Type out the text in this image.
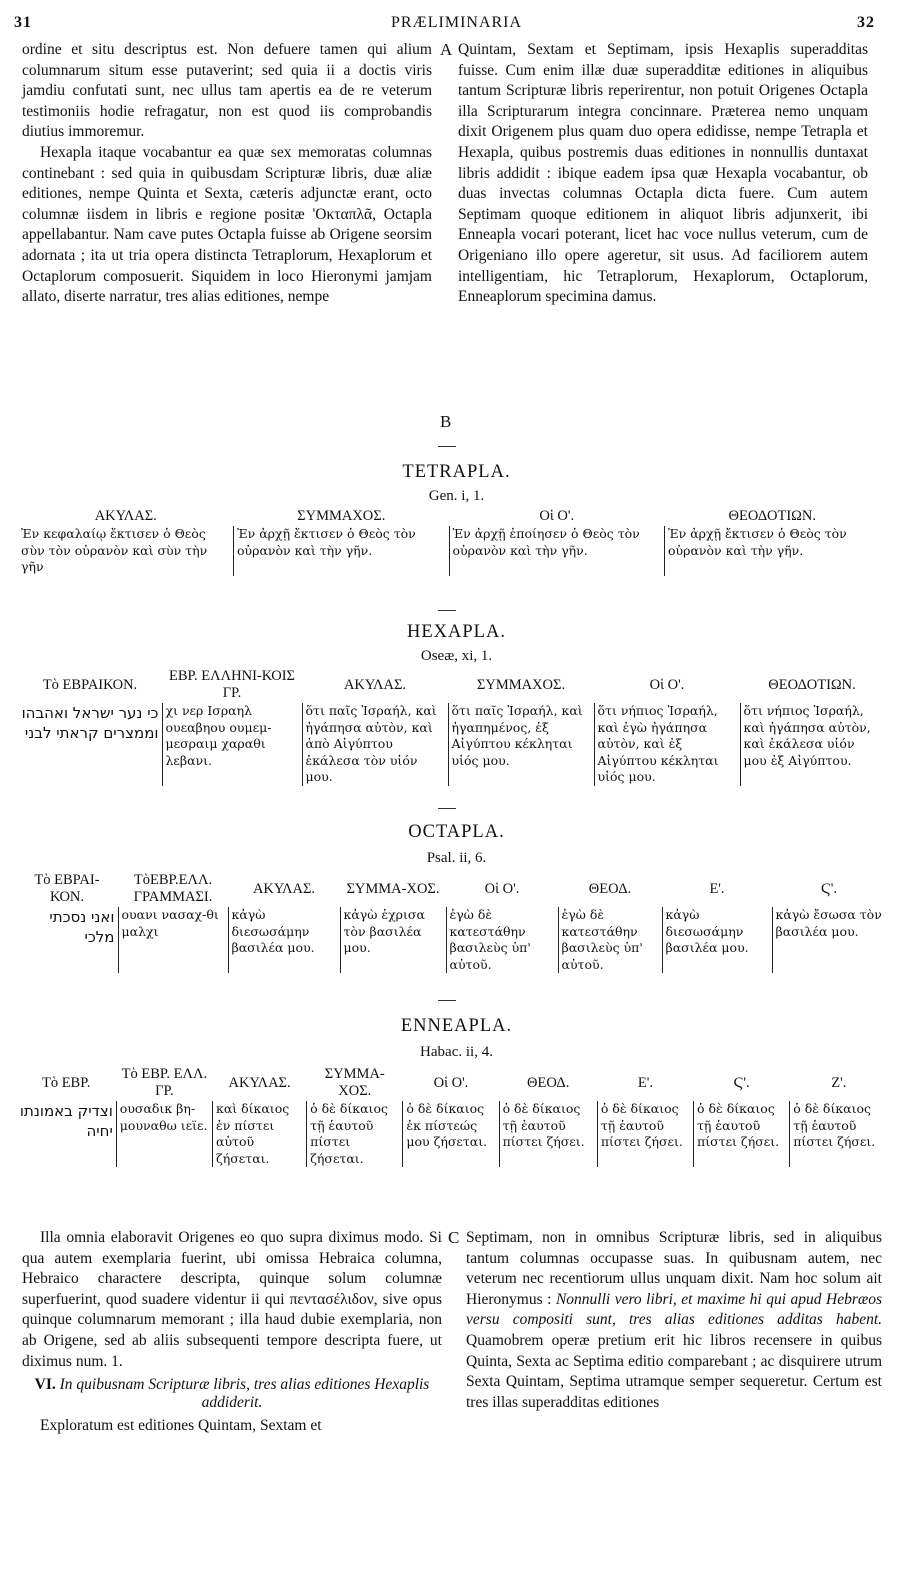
31	PRÆLIMINARIA	32

ordine et situ descriptus est. Non defuere tamen qui alium columnarum situm esse putaverint; sed quia ii a doctis viris jamdiu confutati sunt, nec ullus tam apertis ea de re veterum testimoniis hodie refragatur, non est quod iis comprobandis diutius immoremur.

Hexapla itaque vocabantur ea quæ sex memoratas columnas continebant : sed quia in quibusdam Scripturæ libris, duæ aliæ editiones, nempe Quinta et Sexta, cæteris adjunctæ erant, octo columnæ iisdem in libris e regione positæ 'Οκταπλᾶ, Octapla appellabantur. Nam cave putes Octapla fuisse ab Origene seorsim adornata ; ita ut tria opera distincta Tetraplorum, Hexaplorum et Octaplorum composuerit. Siquidem in loco Hieronymi jamjam allato, diserte narratur, tres alias editiones, nempe

A
B

Quintam, Sextam et Septimam, ipsis Hexaplis superadditas fuisse. Cum enim illæ duæ superadditæ editiones in aliquibus tantum Scripturæ libris reperirentur, non potuit Origenes Octapla illa Scripturarum integra concinnare. Præterea nemo unquam dixit Origenem plus quam duo opera edidisse, nempe Tetrapla et Hexapla, quibus postremis duas editiones in nonnullis duntaxat libris addidit : ibique eadem ipsa quæ Hexapla vocabantur, ob duas invectas columnas Octapla dicta fuere. Cum autem Septimam quoque editionem in aliquot libris adjunxerit, ibi Enneapla vocari poterant, licet hac voce nullus veterum, cum de Origeniano illo opere ageretur, sit usus. Ad faciliorem autem intelligentiam, hic Tetraplorum, Hexaplorum, Octaplorum, Enneaplorum specimina damus.

TETRAPLA.
Gen. i, 1.
ΑΚΥΛΑΣ.	ΣΥΜΜΑΧΟΣ.	Οἱ Ο'.	ΘΕΟΔΟΤΙΩΝ.
Ἐν κεφαλαίῳ ἔκτισεν ὁ Θεὸς σὺν τὸν οὐρανὸν καὶ σὺν τὴν γῆν	Ἐν ἀρχῇ ἔκτισεν ὁ Θεὸς τὸν οὐρανὸν καὶ τὴν γῆν.	Ἐν ἀρχῇ ἐποίησεν ὁ Θεὸς τὸν οὐρανὸν καὶ τὴν γῆν.	Ἐν ἀρχῇ ἔκτισεν ὁ Θεὸς τὸν οὐρανὸν καὶ τὴν γῆν.
HEXAPLA.
Oseæ, xi, 1.
Τὸ ΕΒΡΑΙΚΟΝ.	ΕΒΡ. ΕΛΛΗΝΙ-ΚΟΙΣ ΓΡ.	ΑΚΥΛΑΣ.	ΣΥΜΜΑΧΟΣ.	Οἱ Ο'.	ΘΕΟΔΟΤΙΩΝ.
כי נער ישראל ואהבהו וממצרים קראתי לבני	χι νερ Ισραηλ ουεαβηου ουμεμ-μεσραιμ χαραθι λεβανι.	ὅτι παῖς Ἰσραήλ, καὶ ἠγάπησα αὐτὸν, καὶ ἀπὸ Αἰγύπτου ἐκάλεσα τὸν υἱόν μου.	ὅτι παῖς Ἰσραήλ, καὶ ἠγαπημένος, ἐξ Αἰγύπτου κέκληται υἱός μου.	ὅτι νήπιος Ἰσραήλ, καὶ ἐγὼ ἠγάπησα αὐτὸν, καὶ ἐξ Αἰγύπτου κέκληται υἱός μου.	ὅτι νήπιος Ἰσραήλ, καὶ ἠγάπησα αὐτὸν, καὶ ἐκάλεσα υἱόν μου ἐξ Αἰγύπτου.
OCTAPLA.
Psal. ii, 6.
Τὸ ΕΒΡΑΙ-ΚΟΝ.	ΤὸΕΒΡ.ΕΛΛ. ΓΡΑΜΜΑΣΙ.	ΑΚΥΛΑΣ.	ΣΥΜΜΑ-ΧΟΣ.	Οἱ Ο'.	ΘΕΟΔ.	Ε'.	Ϛ'.
ואני נסכתי מלכי	ουανι νασαχ-θι μαλχι	κἀγὼ διεσωσάμην βασιλέα μου.	κἀγὼ ἐχρισα τὸν βασιλέα μου.	ἐγὼ δὲ κατεστάθην βασιλεὺς ὑπ' αὐτοῦ.	ἐγὼ δὲ κατεστάθην βασιλεὺς ὑπ' αὐτοῦ.	κἀγὼ διεσωσάμην βασιλέα μου.	κἀγὼ ἔσωσα τὸν βασιλέα μου.
ENNEAPLA.
Habac. ii, 4.
Τὸ ΕΒΡ.	Τὸ ΕΒΡ. ΕΛΛ. ΓΡ.	ΑΚΥΛΑΣ.	ΣΥΜΜΑ-ΧΟΣ.	Οἱ Ο'.	ΘΕΟΔ.	Ε'.	Ϛ'.	Ζ'.
וצדיק באמונתו יחיה	ουσαδικ βη-μουναθω ιεϊε.	καὶ δίκαιος ἐν πίστει αὐτοῦ ζήσεται.	ὁ δὲ δίκαιος τῇ ἑαυτοῦ πίστει ζήσεται.	ὁ δὲ δίκαιος ἐκ πίστεώς μου ζήσεται.	ὁ δὲ δίκαιος τῇ ἑαυτοῦ πίστει ζήσει.	ὁ δὲ δίκαιος τῇ ἑαυτοῦ πίστει ζήσει.	ὁ δὲ δίκαιος τῇ ἑαυτοῦ πίστει ζήσει.	ὁ δὲ δίκαιος τῇ ἑαυτοῦ πίστει ζήσει.

Illa omnia elaboravit Origenes eo quo supra diximus modo. Si qua autem exemplaria fuerint, ubi omissa Hebraica columna, Hebraico charactere descripta, quinque solum columnæ superfuerint, quod suadere videntur ii qui πεντασέλιδον, sive opus quinque columnarum memorant ; illa haud dubie exemplaria, non ab Origene, sed ab aliis subsequenti tempore descripta fuere, ut diximus num. 1.

VI. In quibusnam Scripturæ libris, tres alias editiones Hexaplis addiderit.

Exploratum est editiones Quintam, Sextam et

C Septimam, non in omnibus Scripturæ libris, sed in aliquibus tantum columnas occupasse suas. In quibusnam autem, nec veterum nec recentiorum ullus unquam dixit. Nam hoc solum ait Hieronymus : Nonnulli vero libri, et maxime hi qui apud Hebræos versu compositi sunt, tres alias editiones additas habent. Quamobrem operæ pretium erit hic libros recensere in quibus Quinta, Sexta ac Septima editio comparebant ; ac disquirere utrum Sexta Quintam, Septima utramque semper sequeretur. Certum est tres illas superadditas editiones
